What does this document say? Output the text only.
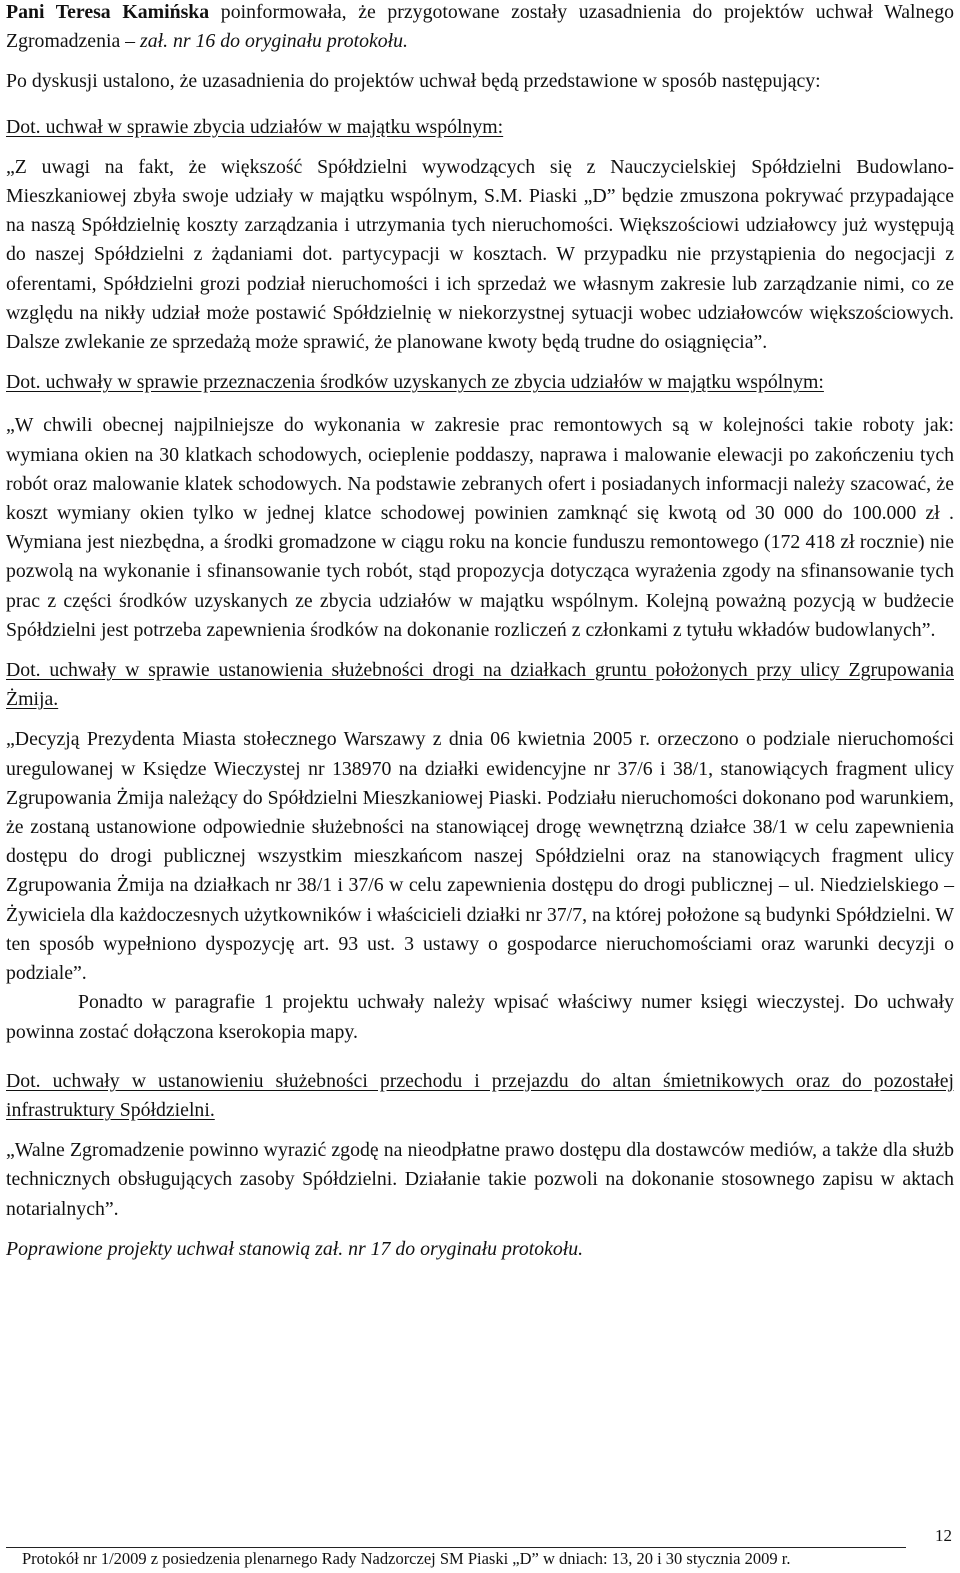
Pani Teresa Kamińska poinformowała, że przygotowane zostały uzasadnienia do projektów uchwał Walnego Zgromadzenia – zał. nr 16 do oryginału protokołu.

Po dyskusji ustalono, że uzasadnienia do projektów uchwał będą przedstawione w sposób następujący:

Dot. uchwał w sprawie zbycia udziałów w majątku wspólnym:

„Z uwagi na fakt, że większość Spółdzielni wywodzących się z Nauczycielskiej Spółdzielni Budowlano-Mieszkaniowej zbyła swoje udziały w majątku wspólnym, S.M. Piaski „D” będzie zmuszona pokrywać przypadające na naszą Spółdzielnię koszty zarządzania i utrzymania tych nieruchomości. Większościowi udziałowcy już występują do naszej Spółdzielni z żądaniami dot. partycypacji w kosztach. W przypadku nie przystąpienia do negocjacji z oferentami, Spółdzielni grozi podział nieruchomości i ich sprzedaż we własnym zakresie lub zarządzanie nimi, co ze względu na nikły udział może postawić Spółdzielnię w niekorzystnej sytuacji wobec udziałowców większościowych. Dalsze zwlekanie ze sprzedażą może sprawić, że planowane kwoty będą trudne do osiągnięcia”.

Dot. uchwały w sprawie przeznaczenia środków uzyskanych ze zbycia udziałów w majątku wspólnym:

„W chwili obecnej najpilniejsze do wykonania w zakresie prac remontowych są w kolejności takie roboty jak: wymiana okien na 30 klatkach schodowych, ocieplenie poddaszy, naprawa i malowanie elewacji po zakończeniu tych robót oraz malowanie klatek schodowych. Na podstawie zebranych ofert i posiadanych informacji należy szacować, że koszt wymiany okien tylko w jednej klatce schodowej powinien zamknąć się kwotą od 30 000 do 100.000 zł . Wymiana jest niezbędna, a środki gromadzone w ciągu roku na koncie funduszu remontowego (172 418 zł rocznie) nie pozwolą na wykonanie i sfinansowanie tych robót, stąd propozycja dotycząca wyrażenia zgody na sfinansowanie tych prac z części środków uzyskanych ze zbycia udziałów w majątku wspólnym. Kolejną poważną pozycją w budżecie Spółdzielni jest potrzeba zapewnienia środków na dokonanie rozliczeń z członkami z tytułu wkładów budowlanych”.

Dot. uchwały w sprawie ustanowienia służebności drogi na działkach gruntu położonych przy ulicy Zgrupowania Żmija.

„Decyzją Prezydenta Miasta stołecznego Warszawy z dnia 06 kwietnia 2005 r. orzeczono o podziale nieruchomości uregulowanej w Księdze Wieczystej nr 138970 na działki ewidencyjne nr 37/6 i 38/1, stanowiących fragment ulicy Zgrupowania Żmija należący do Spółdzielni Mieszkaniowej Piaski. Podziału nieruchomości dokonano pod warunkiem, że zostaną ustanowione odpowiednie służebności na stanowiącej drogę wewnętrzną działce 38/1 w celu zapewnienia dostępu do drogi publicznej wszystkim mieszkańcom naszej Spółdzielni oraz na stanowiących fragment ulicy Zgrupowania Żmija na działkach nr 38/1 i 37/6 w celu zapewnienia dostępu do drogi publicznej – ul. Niedzielskiego –Żywiciela dla każdoczesnych użytkowników i właścicieli działki nr 37/7, na której położone są budynki Spółdzielni. W ten sposób wypełniono dyspozycję art. 93 ust. 3 ustawy o gospodarce nieruchomościami oraz warunki decyzji o podziale”.

Ponadto w paragrafie 1 projektu uchwały należy wpisać właściwy numer księgi wieczystej. Do uchwały powinna zostać dołączona kserokopia mapy.

Dot. uchwały w ustanowieniu służebności przechodu i przejazdu do altan śmietnikowych oraz do pozostałej infrastruktury Spółdzielni.

„Walne Zgromadzenie powinno wyrazić zgodę na nieodpłatne prawo dostępu dla dostawców mediów, a także dla służb technicznych obsługujących zasoby Spółdzielni. Działanie takie pozwoli na dokonanie stosownego zapisu w aktach notarialnych”.

Poprawione projekty uchwał stanowią zał. nr 17 do oryginału protokołu.

12
Protokół nr 1/2009 z posiedzenia plenarnego Rady Nadzorczej SM Piaski „D” w dniach: 13, 20 i 30 stycznia 2009 r.
